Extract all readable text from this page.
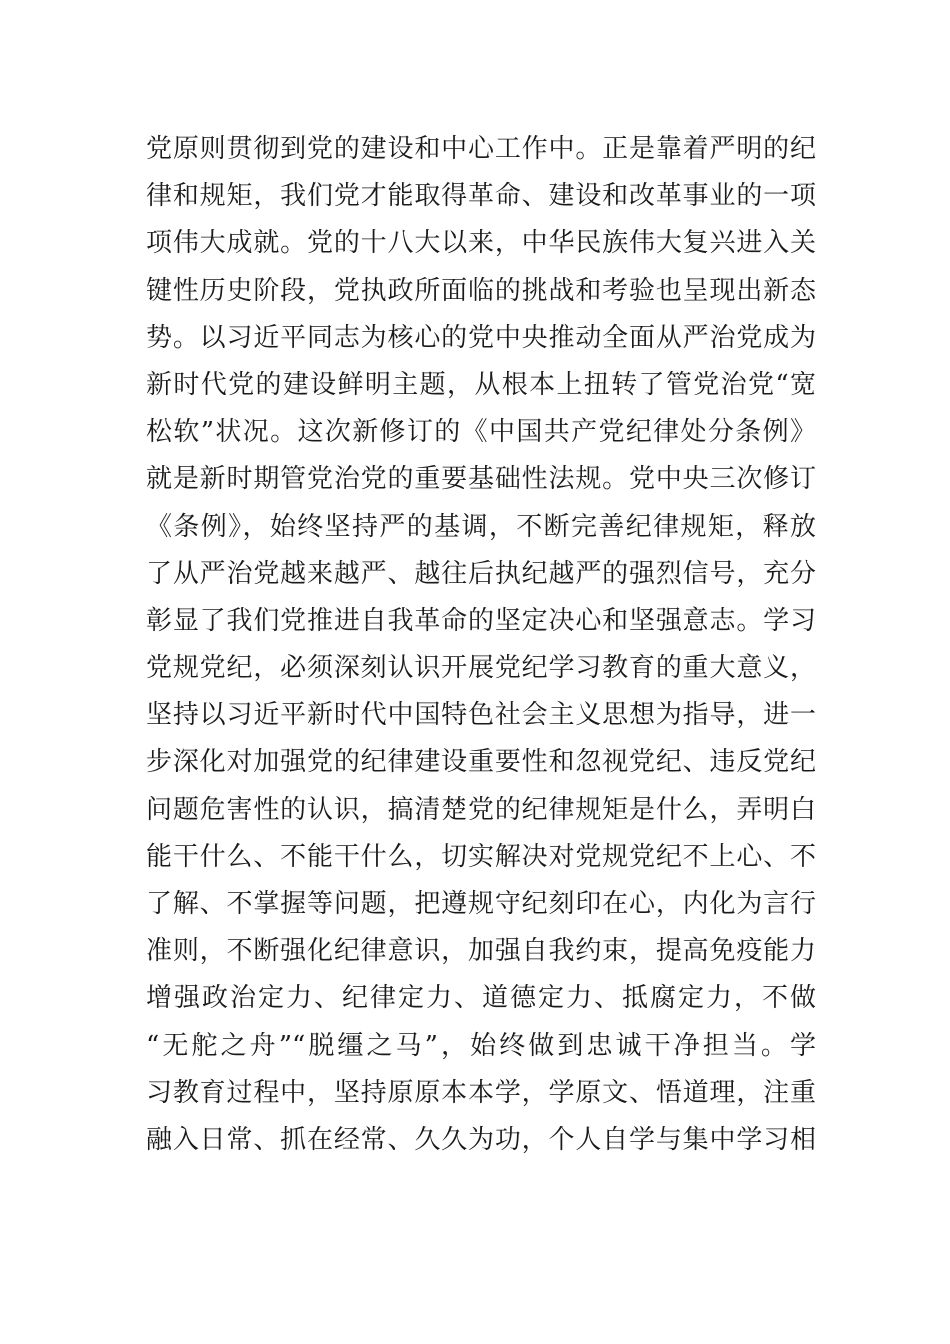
党原则贯彻到党的建设和中心工作中。正是靠着严明的纪
律和规矩，我们党才能取得革命、建设和改革事业的一项
项伟大成就。党的十八大以来，中华民族伟大复兴进入关
键性历史阶段，党执政所面临的挑战和考验也呈现出新态
势。以习近平同志为核心的党中央推动全面从严治党成为
新时代党的建设鲜明主题，从根本上扭转了管党治党“宽
松软”状况。这次新修订的《中国共产党纪律处分条例》
就是新时期管党治党的重要基础性法规。党中央三次修订
《条例》，始终坚持严的基调，不断完善纪律规矩，释放
了从严治党越来越严、越往后执纪越严的强烈信号，充分
彰显了我们党推进自我革命的坚定决心和坚强意志。学习
党规党纪，必须深刻认识开展党纪学习教育的重大意义，
坚持以习近平新时代中国特色社会主义思想为指导，进一
步深化对加强党的纪律建设重要性和忽视党纪、违反党纪
问题危害性的认识，搞清楚党的纪律规矩是什么，弄明白
能干什么、不能干什么，切实解决对党规党纪不上心、不
了解、不掌握等问题，把遵规守纪刻印在心，内化为言行
准则，不断强化纪律意识，加强自我约束，提高免疫能力
增强政治定力、纪律定力、道德定力、抵腐定力，不做
“无舵之舟”“脱缰之马”，始终做到忠诚干净担当。学
习教育过程中，坚持原原本本学，学原文、悟道理，注重
融入日常、抓在经常、久久为功，个人自学与集中学习相
